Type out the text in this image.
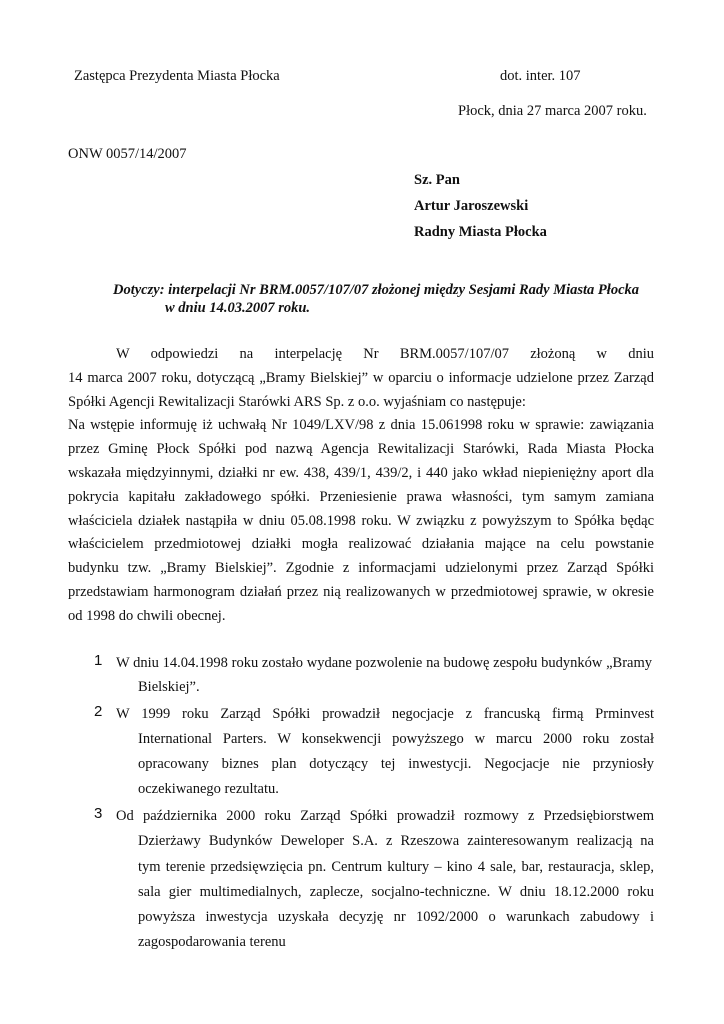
Zastępca Prezydenta Miasta Płocka	dot. inter. 107
Płock, dnia 27 marca 2007 roku.
ONW 0057/14/2007
Sz. Pan
Artur Jaroszewski
Radny Miasta Płocka
Dotyczy: interpelacji Nr BRM.0057/107/07 złożonej między Sesjami Rady Miasta Płocka
w dniu 14.03.2007 roku.
W odpowiedzi na interpelację Nr BRM.0057/107/07 złożoną w dniu
14 marca 2007 roku, dotyczącą „Bramy Bielskiej” w oparciu o informacje udzielone przez Zarząd
Spółki Agencji Rewitalizacji Starówki ARS Sp. z o.o. wyjaśniam co następuje:
Na wstępie informuję iż uchwałą Nr 1049/LXV/98 z dnia 15.061998 roku w sprawie: zawiązania
przez Gminę Płock Spółki pod nazwą Agencja Rewitalizacji Starówki, Rada Miasta Płocka
wskazała międzyinnymi, działki nr ew. 438, 439/1, 439/2, i 440 jako wkład niepieniężny aport dla
pokrycia kapitału zakładowego spółki. Przeniesienie prawa własności, tym samym zamiana
właściciela działek nastąpiła w dniu 05.08.1998 roku. W związku z powyższym to Spółka będąc
właścicielem przedmiotowej działki mogła realizować działania mające na celu powstanie
budynku tzw. „Bramy Bielskiej”. Zgodnie z informacjami udzielonymi przez Zarząd Spółki
przedstawiam harmonogram działań przez nią realizowanych w przedmiotowej sprawie, w okresie
od 1998 do chwili obecnej.
1 W dniu 14.04.1998 roku zostało wydane pozwolenie na budowę zespołu budynków „Bramy
Bielskiej”.
2 W 1999 roku Zarząd Spółki prowadził negocjacje z francuską firmą Prminvest
International Parters. W konsekwencji powyższego w marcu 2000 roku został
opracowany biznes plan dotyczący tej inwestycji. Negocjacje nie przyniosły
oczekiwanego rezultatu.
3 Od października 2000 roku Zarząd Spółki prowadził rozmowy z Przedsiębiorstwem
Dzierżawy Budynków Deweloper S.A. z Rzeszowa zainteresowanym realizacją na
tym terenie przedsięwzięcia pn. Centrum kultury – kino 4 sale, bar, restauracja, sklep,
sala gier multimedialnych, zaplecze, socjalno-techniczne. W dniu 18.12.2000 roku
powyższa inwestycja uzyskała decyzję nr 1092/2000 o warunkach zabudowy i
zagospodarowania terenu
